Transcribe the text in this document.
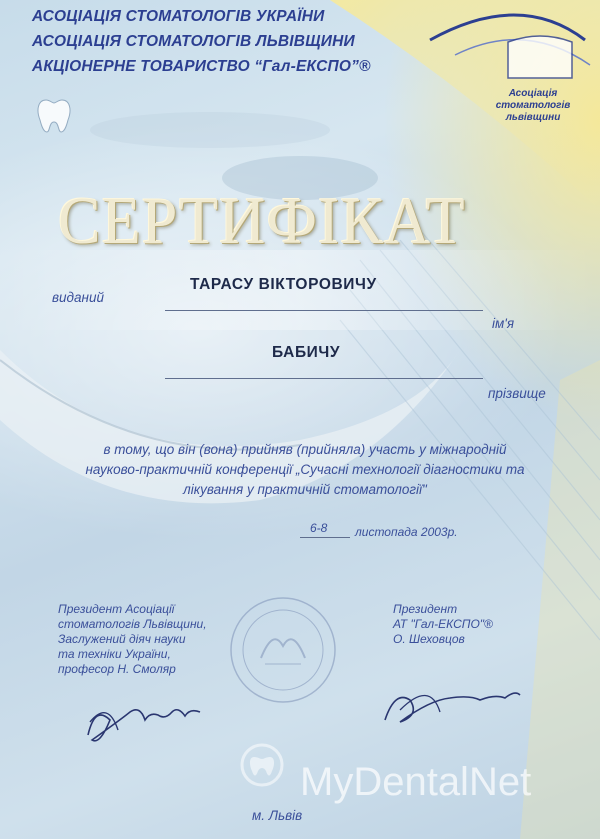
АСОЦІАЦІЯ СТОМАТОЛОГІВ УКРАЇНИ
АСОЦІАЦІЯ СТОМАТОЛОГІВ ЛЬВІВЩИНИ
АКЦІОНЕРНЕ ТОВАРИСТВО “Гал-ЕКСПО”®
Асоціація
стоматологів
львівщини
СЕРТИФІКАТ
виданий
ТАРАСУ ВІКТОРОВИЧУ
ім'я
БАБИЧУ
прізвище
в тому, що він (вона) прийняв (прийняла) участь у міжнародній
науково-практичній конференції „Сучасні технології діагностики та
лікування у практичній стоматології"
6-8 листопада 2003р.
Президент Асоціації
стоматологів Львівщини,
Заслужений діяч науки
та техніки України,
професор Н. Смоляр
Президент
АТ "Гал-ЕКСПО"®
О. Шеховцов
MyDentalNet
м. Львів
